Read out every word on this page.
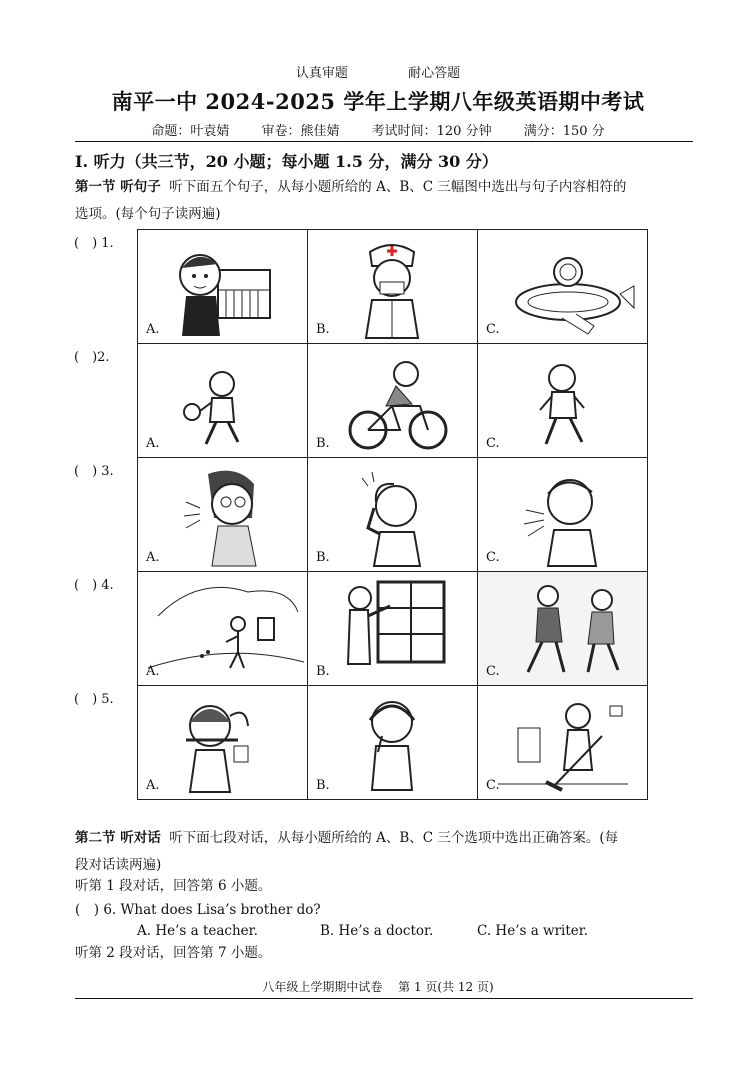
认真审题	耐心答题
南平一中 2024-2025 学年上学期八年级英语期中考试
命题：叶袁婧 审卷：熊佳婧 考试时间：120 分钟 满分：150 分
Ⅰ. 听力（共三节，20 小题；每小题 1.5 分，满分 30 分）
第一节 听句子 听下面五个句子，从每小题所给的 A、B、C 三幅图中选出与句子内容相符的
选项。(每个句子读两遍)
(　) 1.
(　)2.
(　) 3.
(　) 4.
(　) 5.
A.	B.	C.

A.	B.	C.

A.	B.	C.

A.	B.	C.

A.	B.	C.
第二节 听对话 听下面七段对话，从每小题所给的 A、B、C 三个选项中选出正确答案。(每
段对话读两遍)
听第 1 段对话，回答第 6 小题。
(　) 6. What does Lisa’s brother do?
A. He’s a teacher.	B. He’s a doctor.	C. He’s a writer.
听第 2 段对话，回答第 7 小题。
八年级上学期期中试卷　 第 1 页(共 12 页)
